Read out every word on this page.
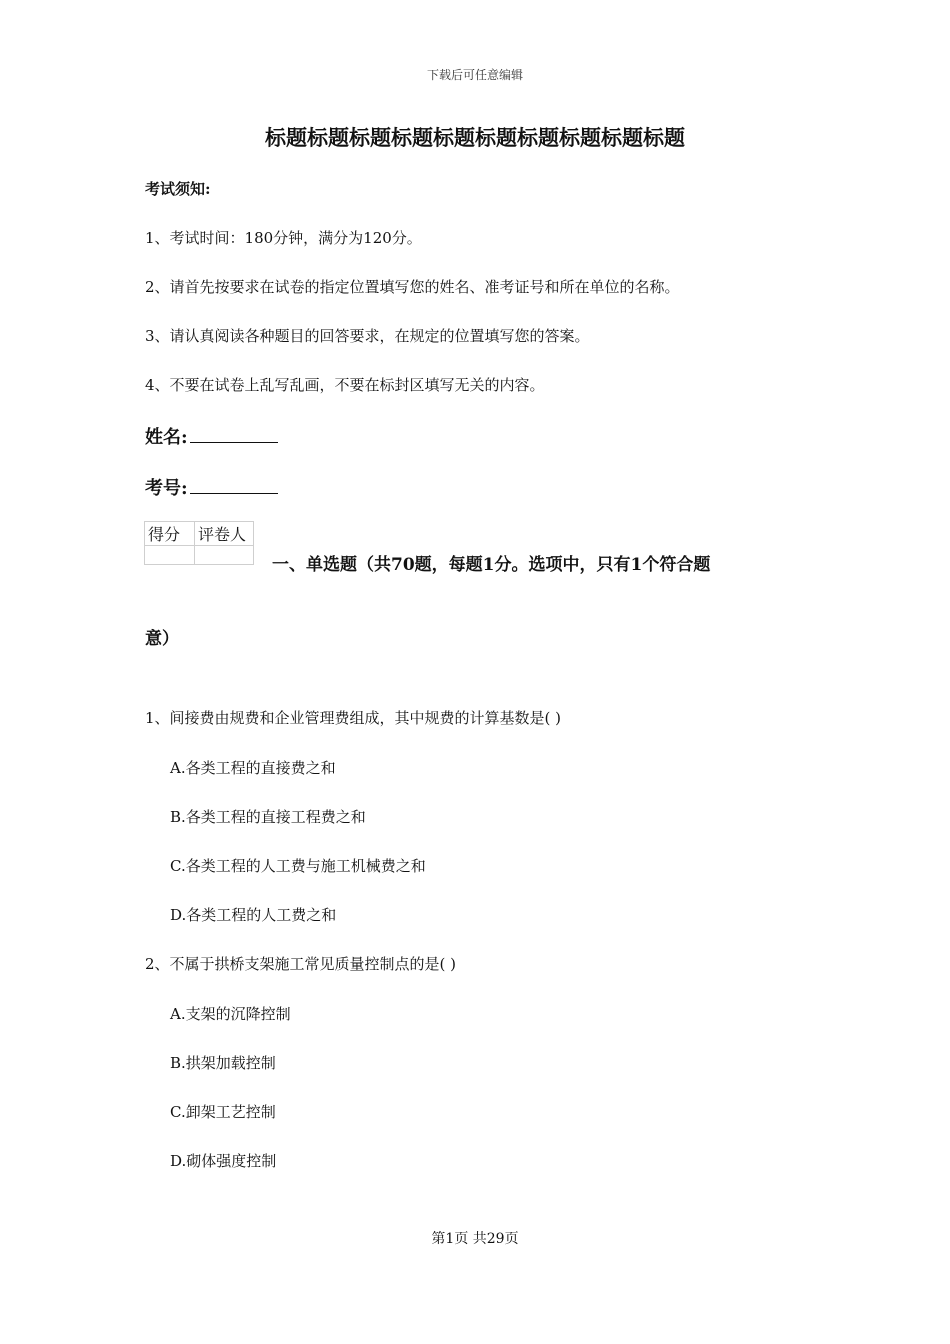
下载后可任意编辑
标题标题标题标题标题标题标题标题标题标题
考试须知:
1、考试时间：180分钟，满分为120分。
2、请首先按要求在试卷的指定位置填写您的姓名、准考证号和所在单位的名称。
3、请认真阅读各种题目的回答要求，在规定的位置填写您的答案。
4、不要在试卷上乱写乱画，不要在标封区填写无关的内容。
姓名:
考号:
得分	评卷人

一、单选题（共70题，每题1分。选项中，只有1个符合题
意）
1、间接费由规费和企业管理费组成，其中规费的计算基数是( )
A.各类工程的直接费之和
B.各类工程的直接工程费之和
C.各类工程的人工费与施工机械费之和
D.各类工程的人工费之和
2、不属于拱桥支架施工常见质量控制点的是( )
A.支架的沉降控制
B.拱架加载控制
C.卸架工艺控制
D.砌体强度控制
第1页 共29页
